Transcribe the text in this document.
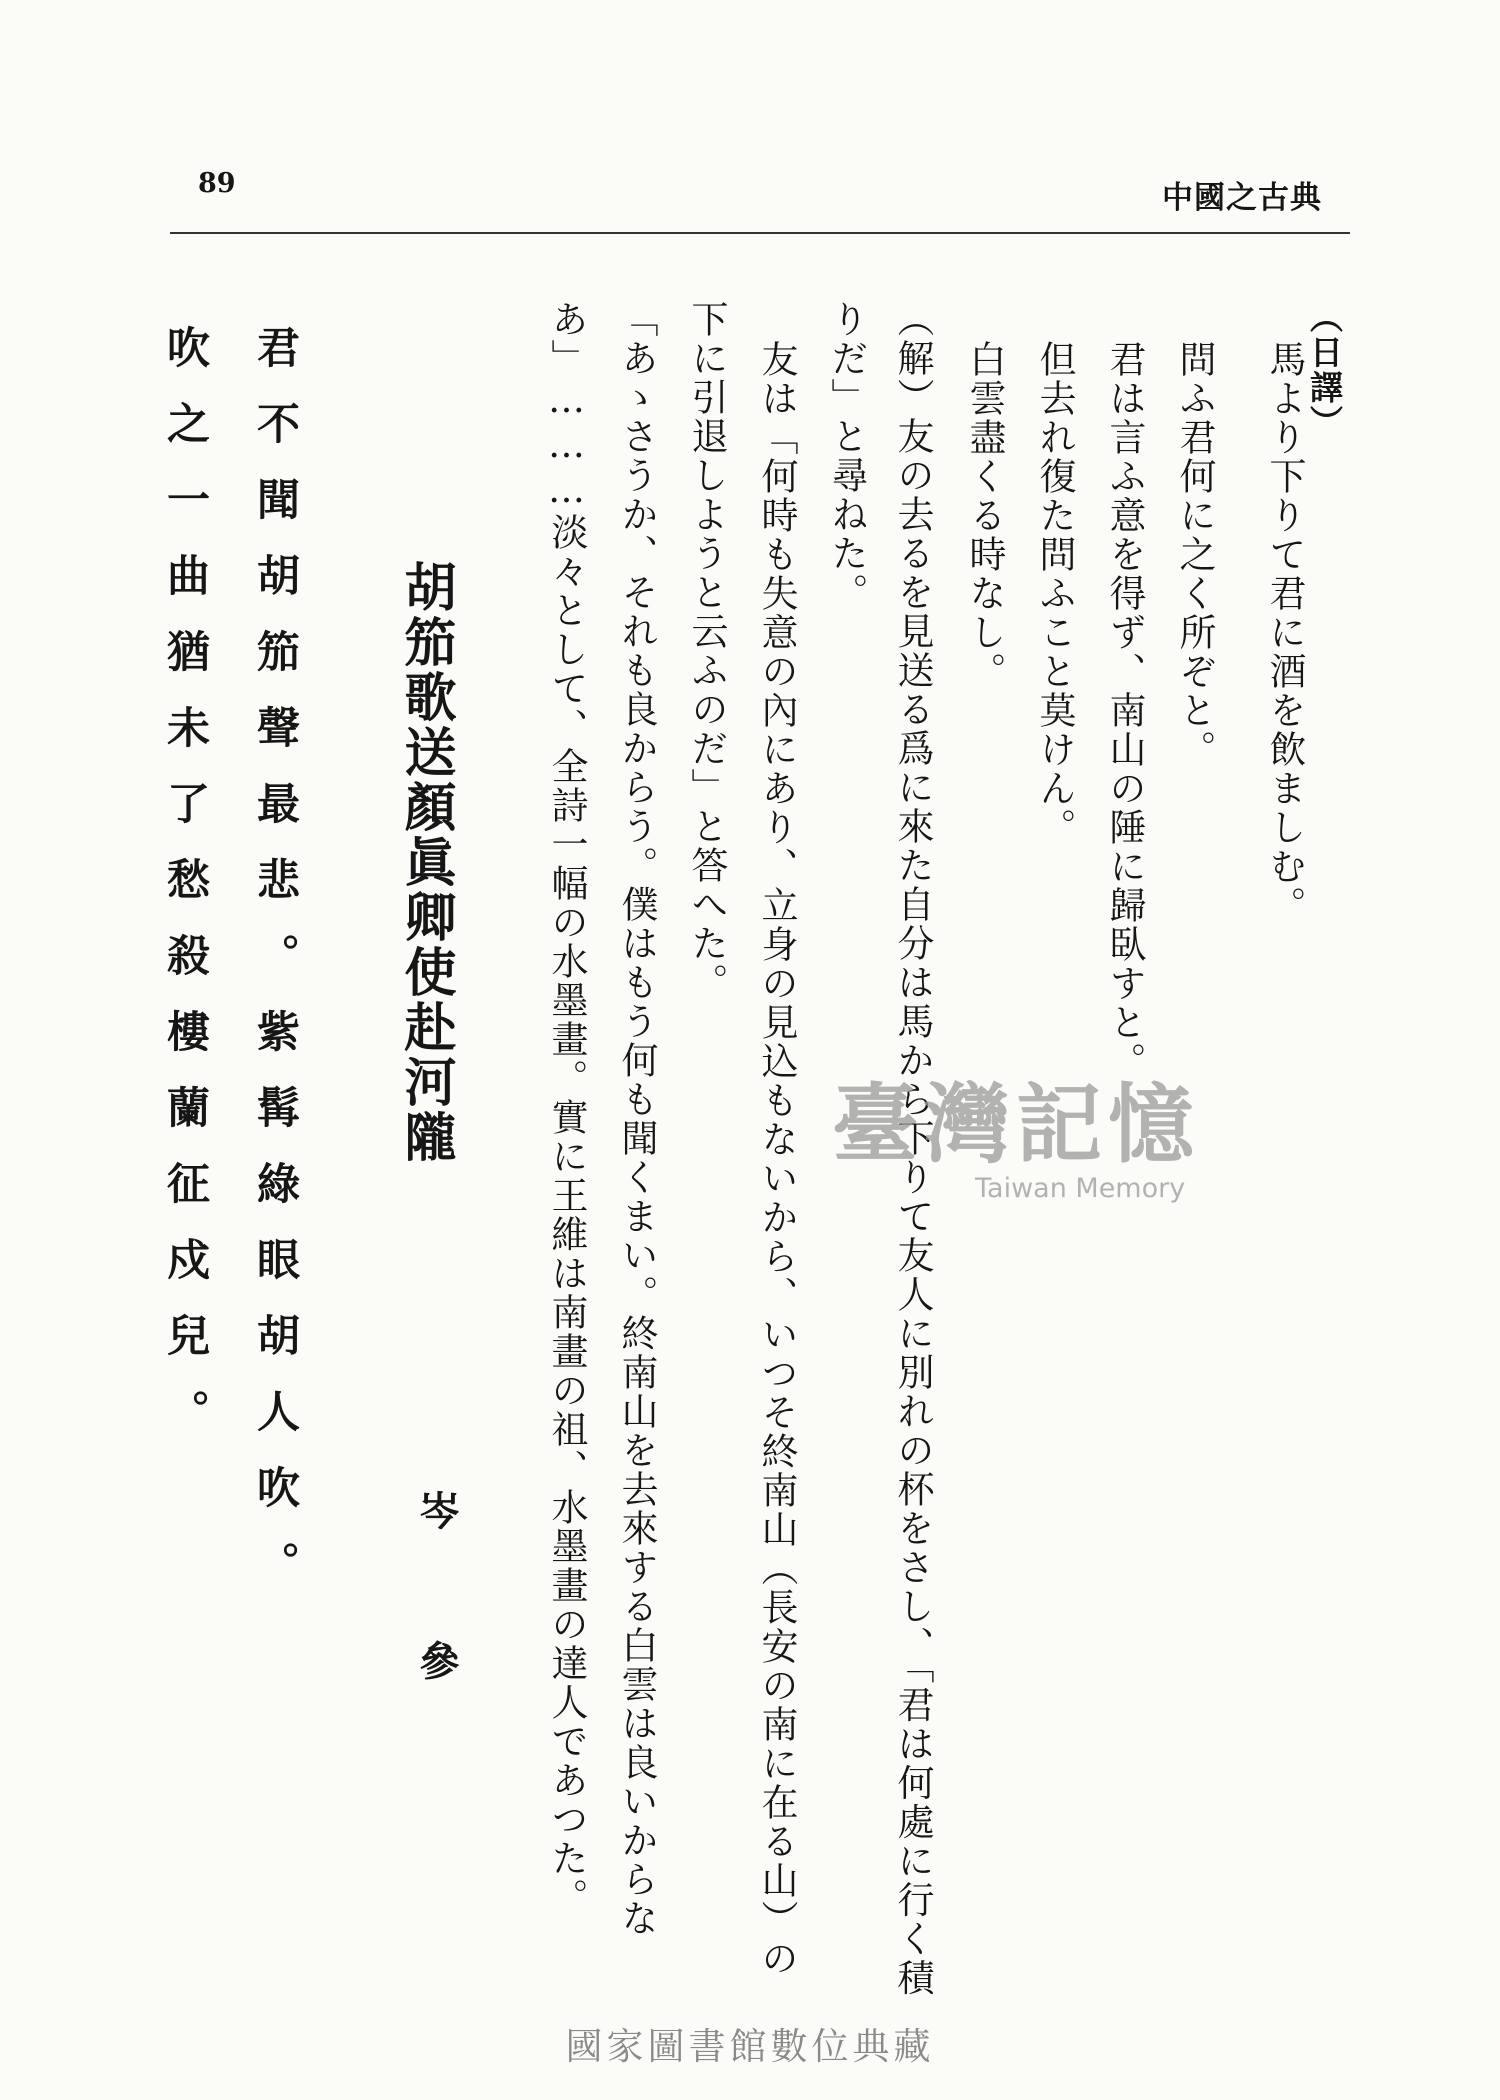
89	中國之古典
（日譯）
馬より下りて君に酒を飲ましむ。
問ふ君何に之く所ぞと。
君は言ふ意を得ず、南山の陲に歸臥すと。
但去れ復た問ふこと莫けん。
白雲盡くる時なし。
（解）友の去るを見送る爲に來た自分は馬から下りて友人に別れの杯をさし、「君は何處に行く積
りだ」と尋ねた。
友は「何時も失意の內にあり、立身の見込もないから、いつそ終南山（長安の南に在る山）の
下に引退しようと云ふのだ」と答へた。
「あゝさうか、それも良からう。僕はもう何も聞くまい。終南山を去來する白雲は良いからな
あ」………淡々として、全詩一幅の水墨畫。實に王維は南畫の祖、水墨畫の達人であつた。
胡笳歌送顏眞卿使赴河隴
岑參
君不聞胡笳聲最悲。紫髯綠眼胡人吹。
吹之一曲猶未了愁殺樓蘭征戍兒。	臺灣記憶
Taiwan Memory
國家圖書館數位典藏
